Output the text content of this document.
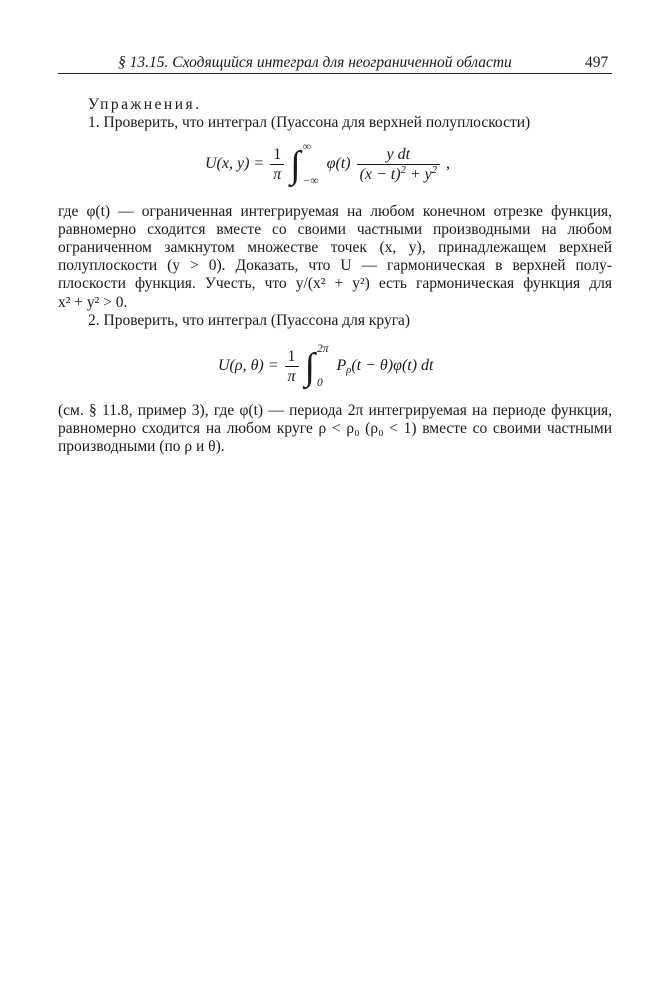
§ 13.15. Сходящийся интеграл для неограниченной области	497
Упражнения.
1. Проверить, что интеграл (Пуассона для верхней полуплоскости)
U(x, $y) = \frac{1}{\pi}$ ∫ ∞
−∞
$\varphi(t) \frac{\text{y dt}}{(x - t)^2 + y^2}$ ,
где φ(t) — ограниченная интегрируемая на любом конечном отрезке функция,
равномерно сходится вместе со своими частными производными на любом
ограниченном замкнутом множестве точек (x, y), принадлежащем верхней
полуплоскости (y > 0). Доказать, что U — гармоническая в верхней полу-
плоскости функция. Учесть, что y/(x² + y²) есть гармоническая функция для
x² + y² > 0.
2. Проверить, что интеграл (Пуассона для круга)
U(ρ, $\theta) = \frac{1}{\pi}$ ∫ 2π
0
$P_\rho(t - \theta)\varphi(t)$ dt
(см. § 11.8, пример 3), где φ(t) — периода 2π интегрируемая на периоде функция,
равномерно сходится на любом круге ρ < ρ₀ (ρ₀ < 1) вместе со своими частными
производными (по ρ и θ).
